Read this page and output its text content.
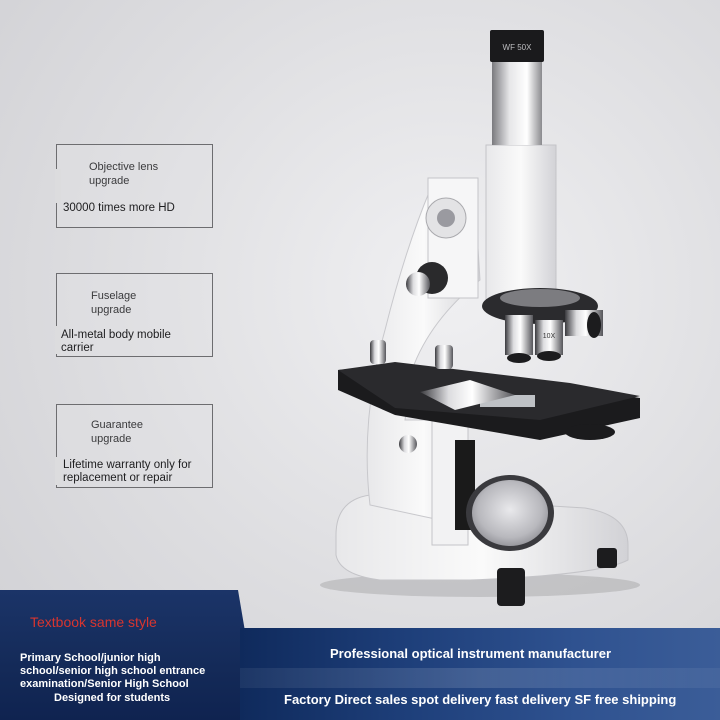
Objective lens
upgrade
30000 times more HD
Fuselage
upgrade
All-metal body mobile
carrier
Guarantee
upgrade
Lifetime warranty only for
replacement or repair
WF 50X
10X
Textbook same style
Primary School/junior high
school/senior high school entrance
examination/Senior High School
Designed for students
Professional optical instrument manufacturer
Factory Direct sales spot delivery fast delivery SF free shipping
